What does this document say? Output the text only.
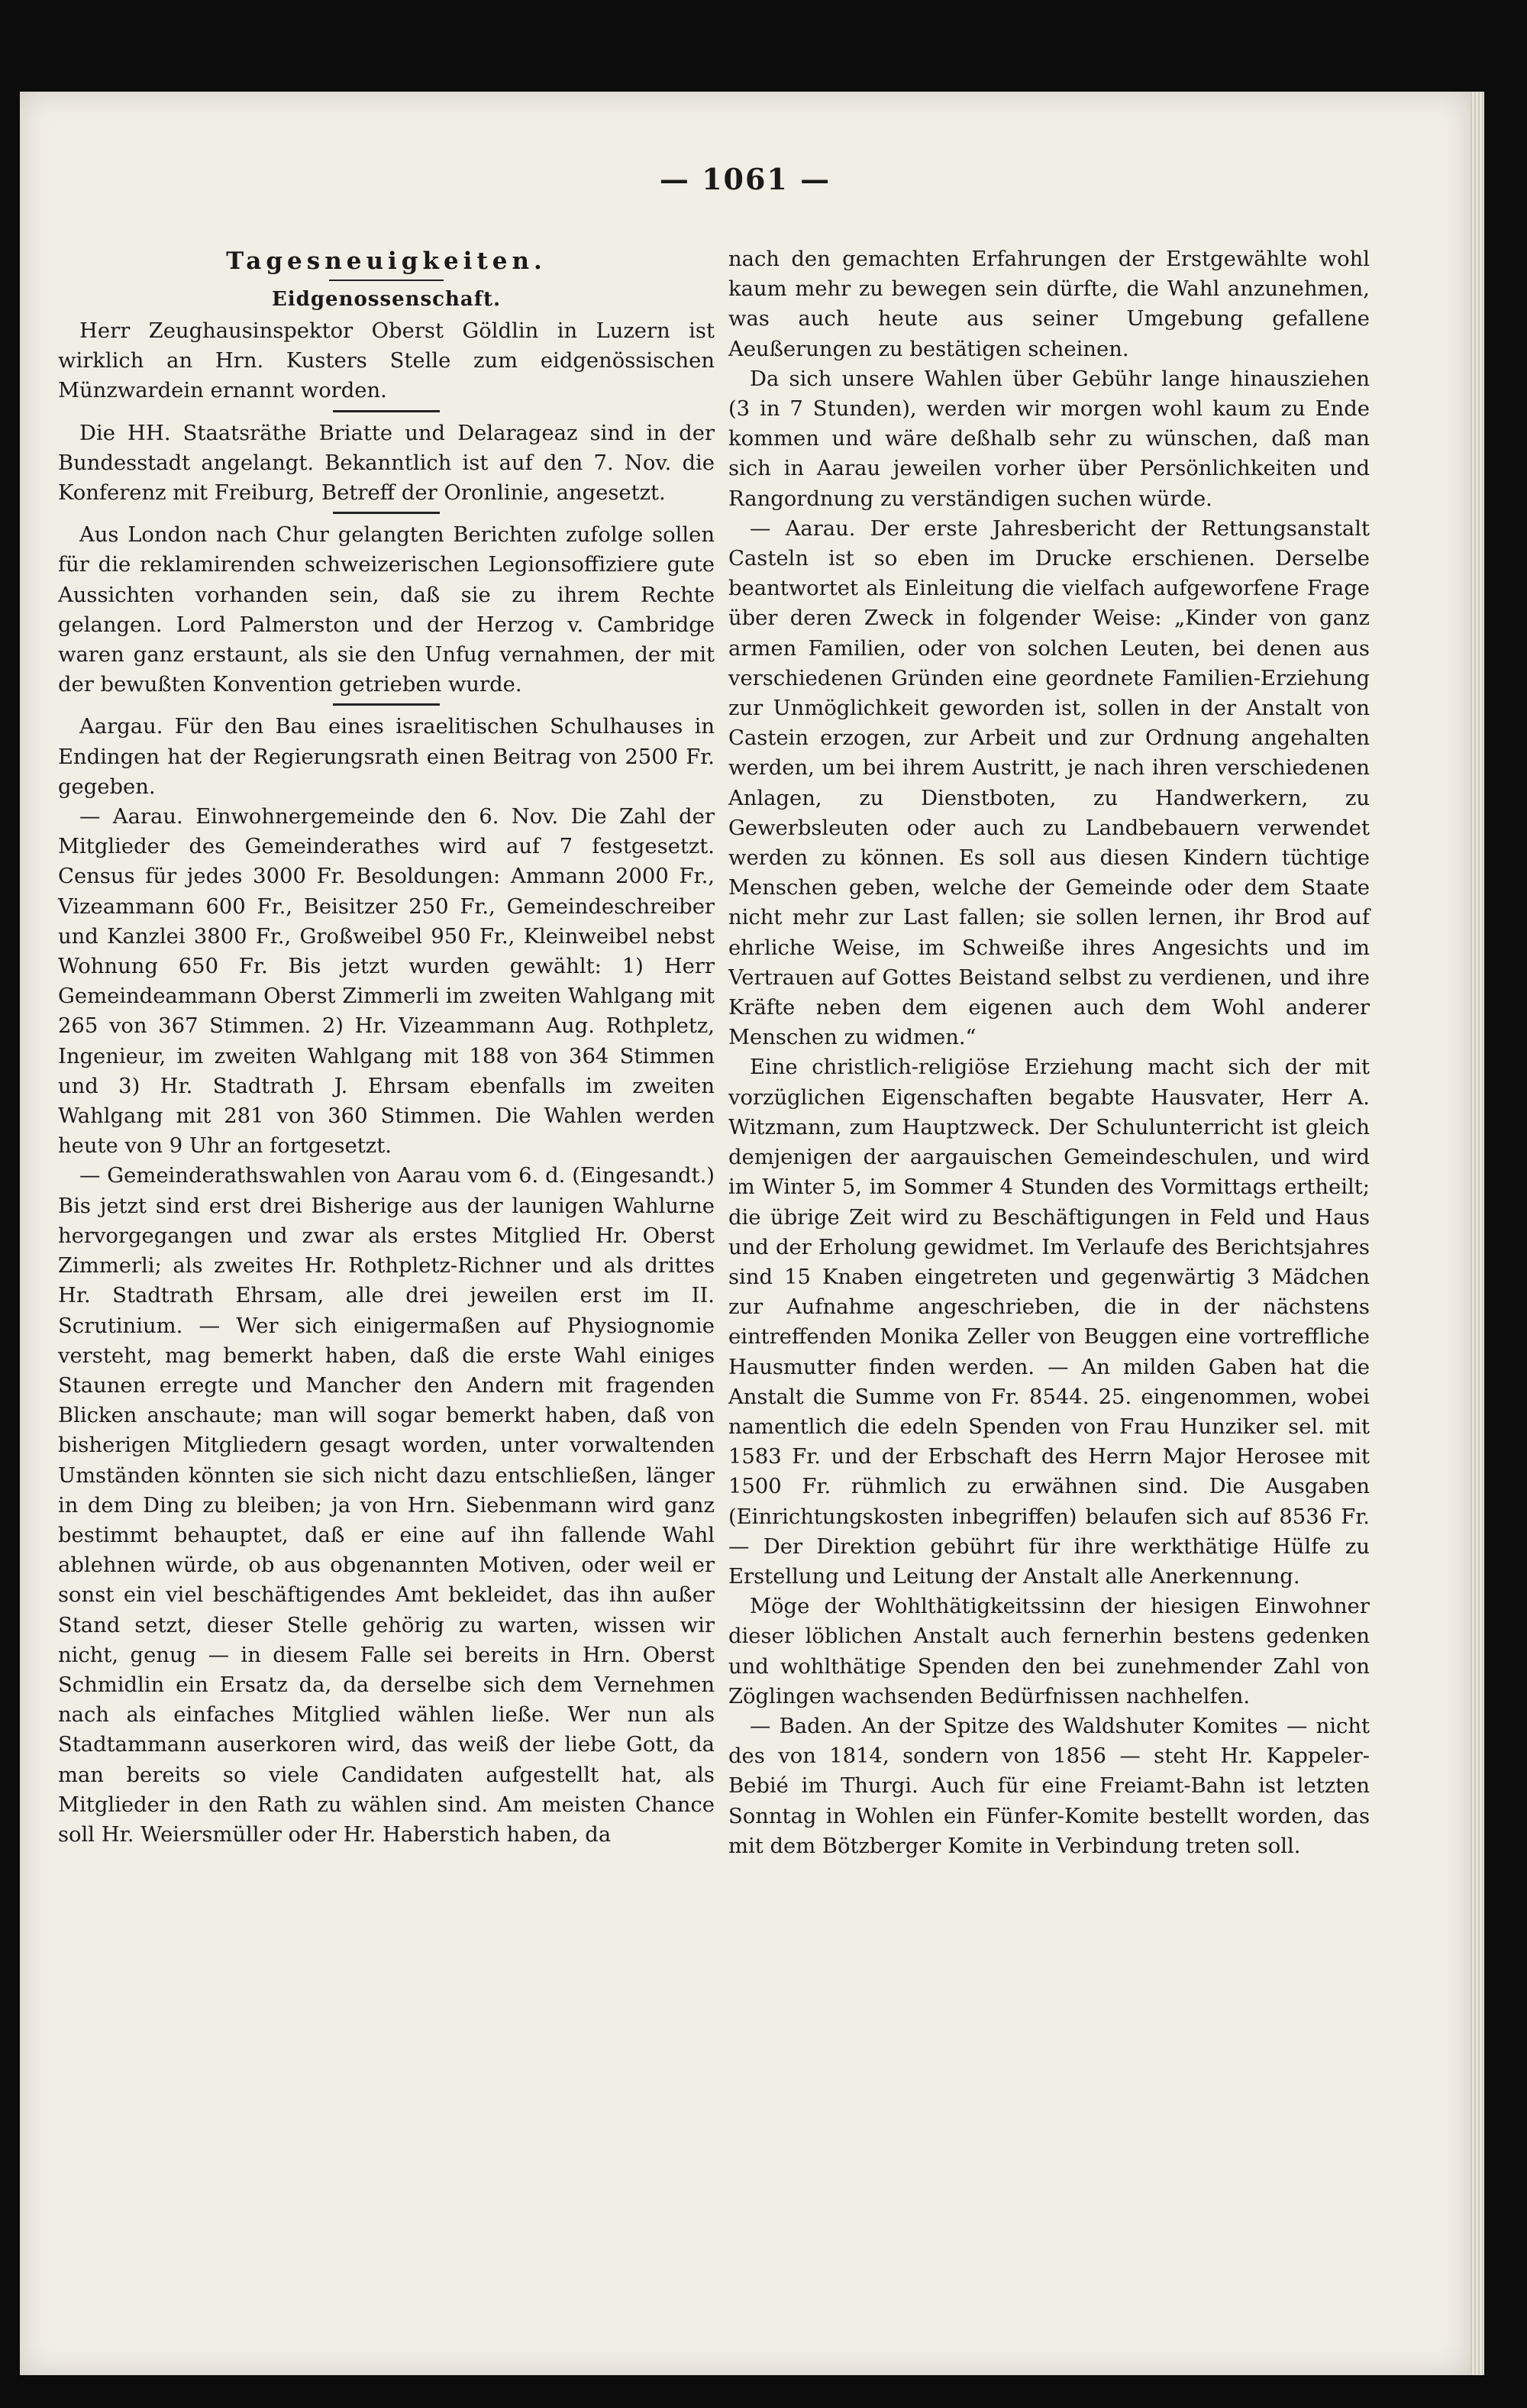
— 1061 —
Tagesneuigkeiten.
Eidgenossenschaft.

Herr Zeughausinspektor Oberst Göldlin in Luzern ist wirklich an Hrn. Kusters Stelle zum eidgenössischen Münzwardein ernannt worden.

Die HH. Staatsräthe Briatte und Delarageaz sind in der Bundesstadt angelangt. Bekanntlich ist auf den 7. Nov. die Konferenz mit Freiburg, Betreff der Oronlinie, angesetzt.

Aus London nach Chur gelangten Berichten zufolge sollen für die reklamirenden schweizerischen Legionsoffiziere gute Aussichten vorhanden sein, daß sie zu ihrem Rechte gelangen. Lord Palmerston und der Herzog v. Cambridge waren ganz erstaunt, als sie den Unfug vernahmen, der mit der bewußten Konvention getrieben wurde.

Aargau. Für den Bau eines israelitischen Schulhauses in Endingen hat der Regierungsrath einen Beitrag von 2500 Fr. gegeben.

— Aarau. Einwohnergemeinde den 6. Nov. Die Zahl der Mitglieder des Gemeinderathes wird auf 7 festgesetzt. Census für jedes 3000 Fr. Besoldungen: Ammann 2000 Fr., Vizeammann 600 Fr., Beisitzer 250 Fr., Gemeindeschreiber und Kanzlei 3800 Fr., Großweibel 950 Fr., Kleinweibel nebst Wohnung 650 Fr. Bis jetzt wurden gewählt: 1) Herr Gemeindeammann Oberst Zimmerli im zweiten Wahlgang mit 265 von 367 Stimmen. 2) Hr. Vizeammann Aug. Rothpletz, Ingenieur, im zweiten Wahlgang mit 188 von 364 Stimmen und 3) Hr. Stadtrath J. Ehrsam ebenfalls im zweiten Wahlgang mit 281 von 360 Stimmen. Die Wahlen werden heute von 9 Uhr an fortgesetzt.

— Gemeinderathswahlen von Aarau vom 6. d. (Eingesandt.) Bis jetzt sind erst drei Bisherige aus der launigen Wahlurne hervorgegangen und zwar als erstes Mitglied Hr. Oberst Zimmerli; als zweites Hr. Rothpletz-Richner und als drittes Hr. Stadtrath Ehrsam, alle drei jeweilen erst im II. Scrutinium. — Wer sich einigermaßen auf Physiognomie versteht, mag bemerkt haben, daß die erste Wahl einiges Staunen erregte und Mancher den Andern mit fragenden Blicken anschaute; man will sogar bemerkt haben, daß von bisherigen Mitgliedern gesagt worden, unter vorwaltenden Umständen könnten sie sich nicht dazu entschließen, länger in dem Ding zu bleiben; ja von Hrn. Siebenmann wird ganz bestimmt behauptet, daß er eine auf ihn fallende Wahl ablehnen würde, ob aus obgenannten Motiven, oder weil er sonst ein viel beschäftigendes Amt bekleidet, das ihn außer Stand setzt, dieser Stelle gehörig zu warten, wissen wir nicht, genug — in diesem Falle sei bereits in Hrn. Oberst Schmidlin ein Ersatz da, da derselbe sich dem Vernehmen nach als einfaches Mitglied wählen ließe. Wer nun als Stadtammann auserkoren wird, das weiß der liebe Gott, da man bereits so viele Candidaten aufgestellt hat, als Mitglieder in den Rath zu wählen sind. Am meisten Chance soll Hr. Weiersmüller oder Hr. Haberstich haben, da

nach den gemachten Erfahrungen der Erstgewählte wohl kaum mehr zu bewegen sein dürfte, die Wahl anzunehmen, was auch heute aus seiner Umgebung gefallene Aeußerungen zu bestätigen scheinen.

Da sich unsere Wahlen über Gebühr lange hinausziehen (3 in 7 Stunden), werden wir morgen wohl kaum zu Ende kommen und wäre deßhalb sehr zu wünschen, daß man sich in Aarau jeweilen vorher über Persönlichkeiten und Rangordnung zu verständigen suchen würde.

— Aarau. Der erste Jahresbericht der Rettungsanstalt Casteln ist so eben im Drucke erschienen. Derselbe beantwortet als Einleitung die vielfach aufgeworfene Frage über deren Zweck in folgender Weise: „Kinder von ganz armen Familien, oder von solchen Leuten, bei denen aus verschiedenen Gründen eine geordnete Familien-Erziehung zur Unmöglichkeit geworden ist, sollen in der Anstalt von Castein erzogen, zur Arbeit und zur Ordnung angehalten werden, um bei ihrem Austritt, je nach ihren verschiedenen Anlagen, zu Dienstboten, zu Handwerkern, zu Gewerbsleuten oder auch zu Landbebauern verwendet werden zu können. Es soll aus diesen Kindern tüchtige Menschen geben, welche der Gemeinde oder dem Staate nicht mehr zur Last fallen; sie sollen lernen, ihr Brod auf ehrliche Weise, im Schweiße ihres Angesichts und im Vertrauen auf Gottes Beistand selbst zu verdienen, und ihre Kräfte neben dem eigenen auch dem Wohl anderer Menschen zu widmen.“

Eine christlich-religiöse Erziehung macht sich der mit vorzüglichen Eigenschaften begabte Hausvater, Herr A. Witzmann, zum Hauptzweck. Der Schulunterricht ist gleich demjenigen der aargauischen Gemeindeschulen, und wird im Winter 5, im Sommer 4 Stunden des Vormittags ertheilt; die übrige Zeit wird zu Beschäftigungen in Feld und Haus und der Erholung gewidmet. Im Verlaufe des Berichtsjahres sind 15 Knaben eingetreten und gegenwärtig 3 Mädchen zur Aufnahme angeschrieben, die in der nächstens eintreffenden Monika Zeller von Beuggen eine vortreffliche Hausmutter finden werden. — An milden Gaben hat die Anstalt die Summe von Fr. 8544. 25. eingenommen, wobei namentlich die edeln Spenden von Frau Hunziker sel. mit 1583 Fr. und der Erbschaft des Herrn Major Herosee mit 1500 Fr. rühmlich zu erwähnen sind. Die Ausgaben (Einrichtungskosten inbegriffen) belaufen sich auf 8536 Fr. — Der Direktion gebührt für ihre werkthätige Hülfe zu Erstellung und Leitung der Anstalt alle Anerkennung.

Möge der Wohlthätigkeitssinn der hiesigen Einwohner dieser löblichen Anstalt auch fernerhin bestens gedenken und wohlthätige Spenden den bei zunehmender Zahl von Zöglingen wachsenden Bedürfnissen nachhelfen.

— Baden. An der Spitze des Waldshuter Komites — nicht des von 1814, sondern von 1856 — steht Hr. Kappeler-Bebié im Thurgi. Auch für eine Freiamt-Bahn ist letzten Sonntag in Wohlen ein Fünfer-Komite bestellt worden, das mit dem Bötzberger Komite in Verbindung treten soll.
